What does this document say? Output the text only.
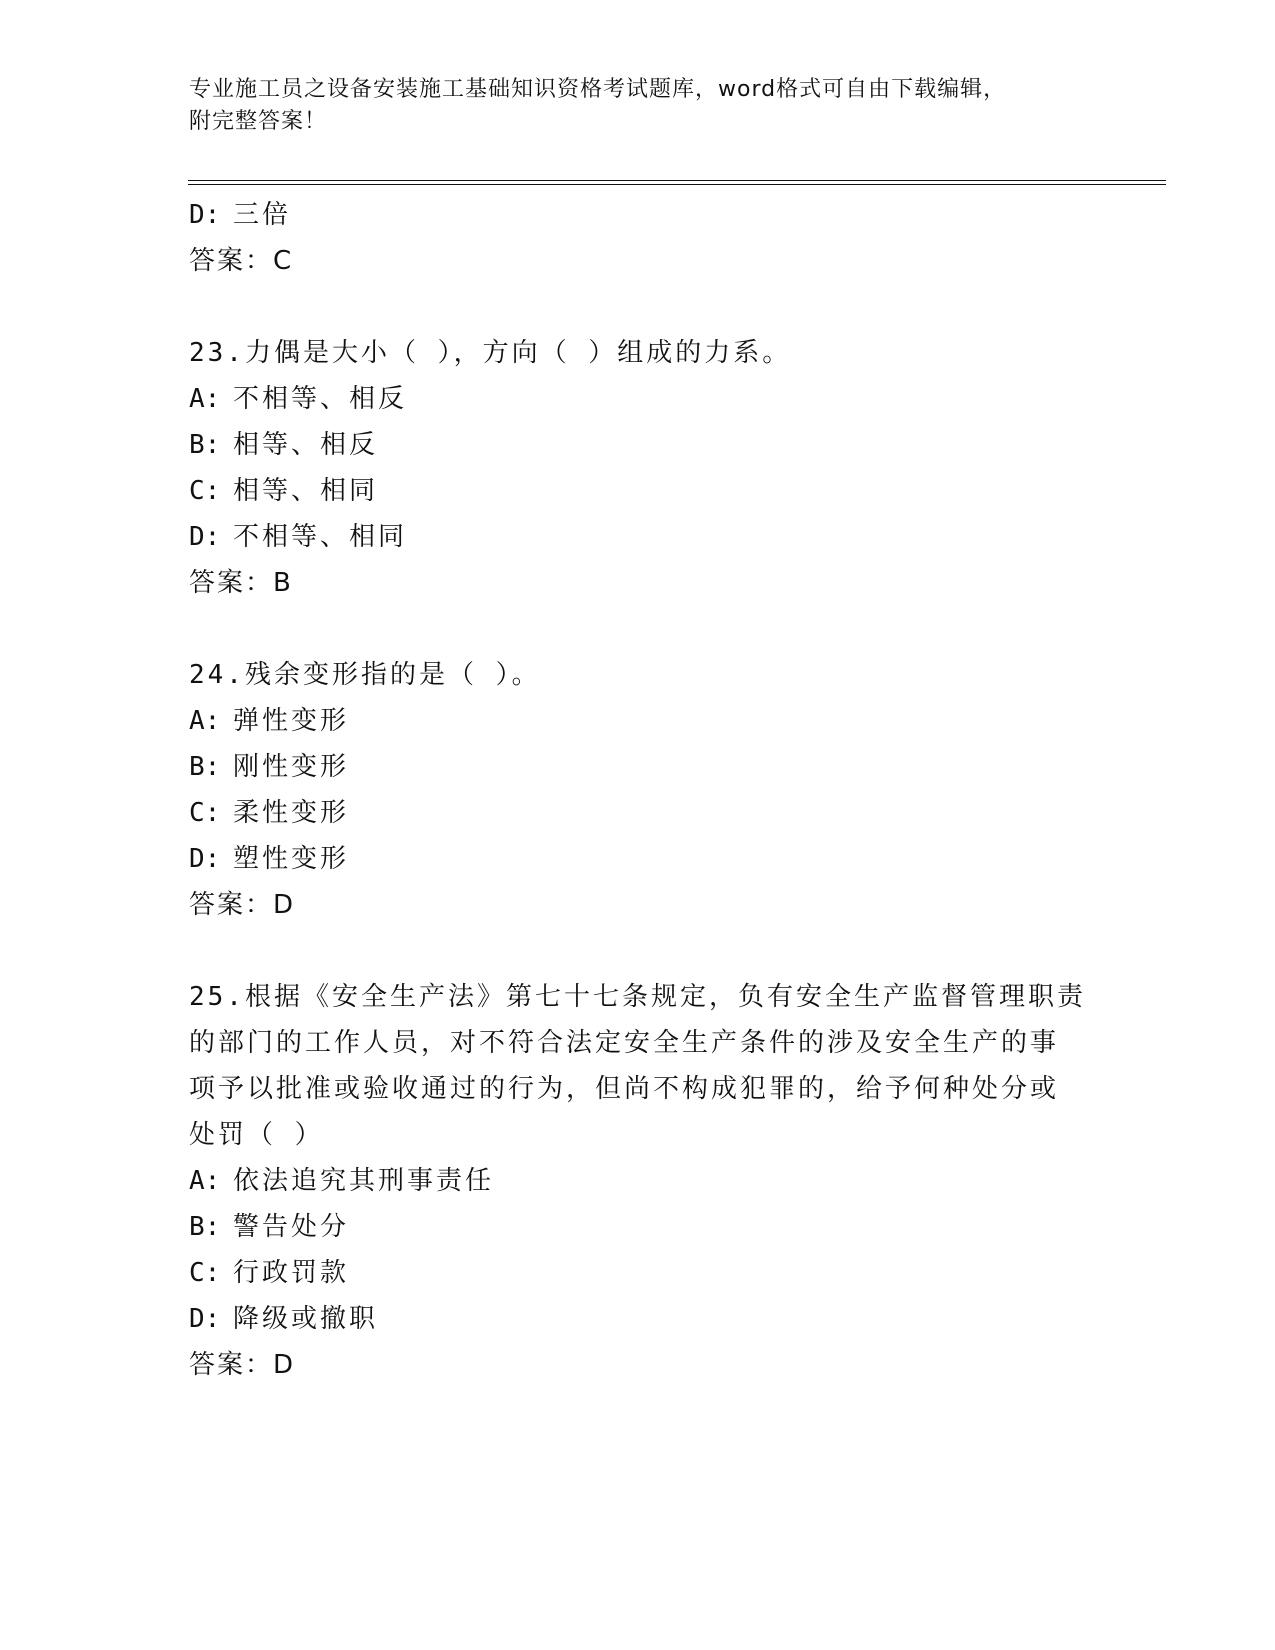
专业施工员之设备安装施工基础知识资格考试题库，word格式可自由下载编辑，
附完整答案！
D: 三倍
答案：C
23.力偶是大小（ ），方向（ ）组成的力系。
A: 不相等、相反
B: 相等、相反
C: 相等、相同
D: 不相等、相同
答案：B
24.残余变形指的是（ ）。
A: 弹性变形
B: 刚性变形
C: 柔性变形
D: 塑性变形
答案：D
25.根据《安全生产法》第七十七条规定，负有安全生产监督管理职责
的部门的工作人员，对不符合法定安全生产条件的涉及安全生产的事
项予以批准或验收通过的行为，但尚不构成犯罪的，给予何种处分或
处罚（ ）
A: 依法追究其刑事责任
B: 警告处分
C: 行政罚款
D: 降级或撤职
答案：D
